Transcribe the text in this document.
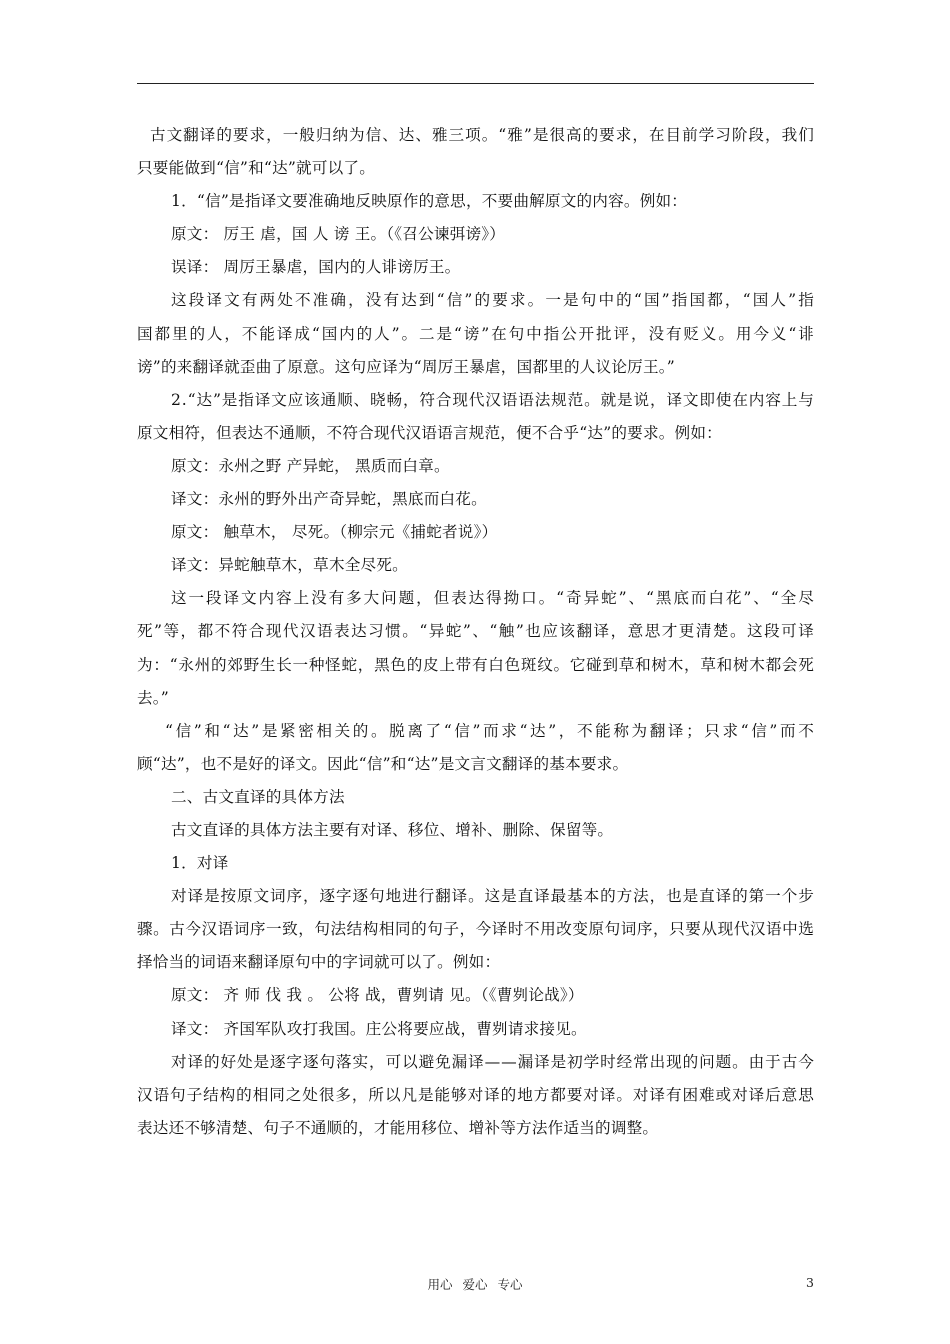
古文翻译的要求，一般归纳为信、达、雅三项。“雅”是很高的要求，在目前学习阶段，我们
只要能做到“信”和“达”就可以了。
1．“信”是指译文要准确地反映原作的意思，不要曲解原文的内容。例如：
原文： 厉王 虐，国 人 谤 王。（《召公谏弭谤》）
误译： 周厉王暴虐，国内的人诽谤厉王。
这段译文有两处不准确，没有达到“信”的要求。一是句中的“国”指国都，“国人”指
国都里的人，不能译成“国内的人”。二是“谤”在句中指公开批评，没有贬义。用今义“诽
谤”的来翻译就歪曲了原意。这句应译为“周厉王暴虐，国都里的人议论厉王。”
2.“达”是指译文应该通顺、晓畅，符合现代汉语语法规范。就是说，译文即使在内容上与
原文相符，但表达不通顺，不符合现代汉语语言规范，便不合乎“达”的要求。例如：
原文：永州之野 产异蛇， 黑质而白章。
译文：永州的野外出产奇异蛇，黑底而白花。
原文： 触草木， 尽死。（柳宗元《捕蛇者说》）
译文：异蛇触草木，草木全尽死。
这一段译文内容上没有多大问题，但表达得拗口。“奇异蛇”、“黑底而白花”、“全尽
死”等，都不符合现代汉语表达习惯。“异蛇”、“触”也应该翻译，意思才更清楚。这段可译
为：“永州的郊野生长一种怪蛇，黑色的皮上带有白色斑纹。它碰到草和树木，草和树木都会死
去。”
“信”和“达”是紧密相关的。脱离了“信”而求“达”，不能称为翻译；只求“信”而不
顾“达”，也不是好的译文。因此“信”和“达”是文言文翻译的基本要求。
二、古文直译的具体方法
古文直译的具体方法主要有对译、移位、增补、删除、保留等。
1．对译
对译是按原文词序，逐字逐句地进行翻译。这是直译最基本的方法，也是直译的第一个步
骤。古今汉语词序一致，句法结构相同的句子，今译时不用改变原句词序，只要从现代汉语中选
择恰当的词语来翻译原句中的字词就可以了。例如：
原文： 齐 师 伐 我 。 公将 战，曹刿请 见。（《曹刿论战》）
译文： 齐国军队攻打我国。庄公将要应战，曹刿请求接见。
对译的好处是逐字逐句落实，可以避免漏译——漏译是初学时经常出现的问题。由于古今
汉语句子结构的相同之处很多，所以凡是能够对译的地方都要对译。对译有困难或对译后意思
表达还不够清楚、句子不通顺的，才能用移位、增补等方法作适当的调整。
用心 爱心 专心	3
